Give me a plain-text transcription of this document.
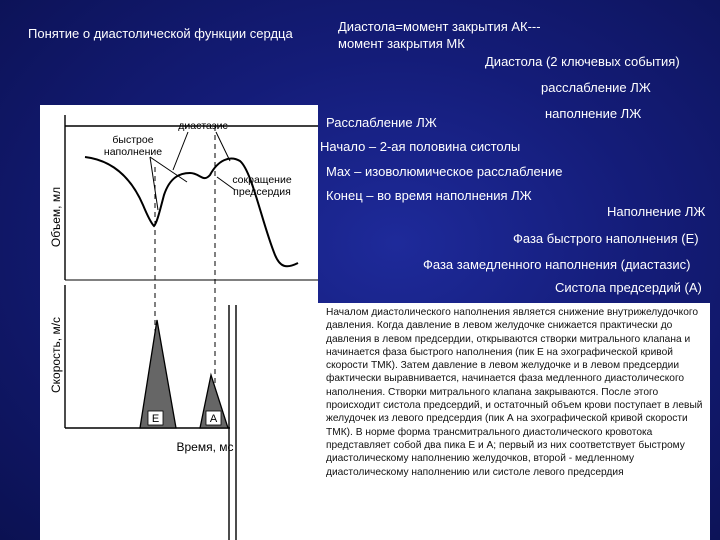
Понятие о диастолической функции сердца	Диастола=момент закрытия АК---
момент закрытия МК
Диастола (2 ключевых события)
расслабление ЛЖ
наполнение ЛЖ
Расслабление ЛЖ
Начало – 2-ая половина систолы
Max – изоволюмическое расслабление
Конец – во время наполнения ЛЖ
Наполнение ЛЖ
Фаза быстрого наполнения (Е)
Фаза замедленного наполнения (диастазис)
Систола предсердий (А)
Объем, мл
Скорость, м/с
Время, мс
диастазис
быстрое
наполнение
сокращение
предсердия
Е	А
Началом диастолического наполнения является снижение внутрижелудочкого давления. Когда давление в левом желудочке снижается практически до давления в левом предсердии, открываются створки митрального клапана и начинается фаза быстрого наполнения (пик Е на эхографической кривой скорости ТМК). Затем давление в левом желудочке и в левом предсердии фактически выравнивается, начинается фаза медленного диастолического наполнения. Створки митрального клапана закрываются. После этого происходит систола предсердий, и остаточный объем крови поступает в левый желудочек из левого предсердия (пик А на эхографической кривой скорости ТМК). В норме форма трансмитрального диастолического кровотока представляет собой два пика Е и А; первый из них соответствует быстрому диастолическому наполнению желудочков, второй - медленному диастолическому наполнению или систоле левого предсердия
